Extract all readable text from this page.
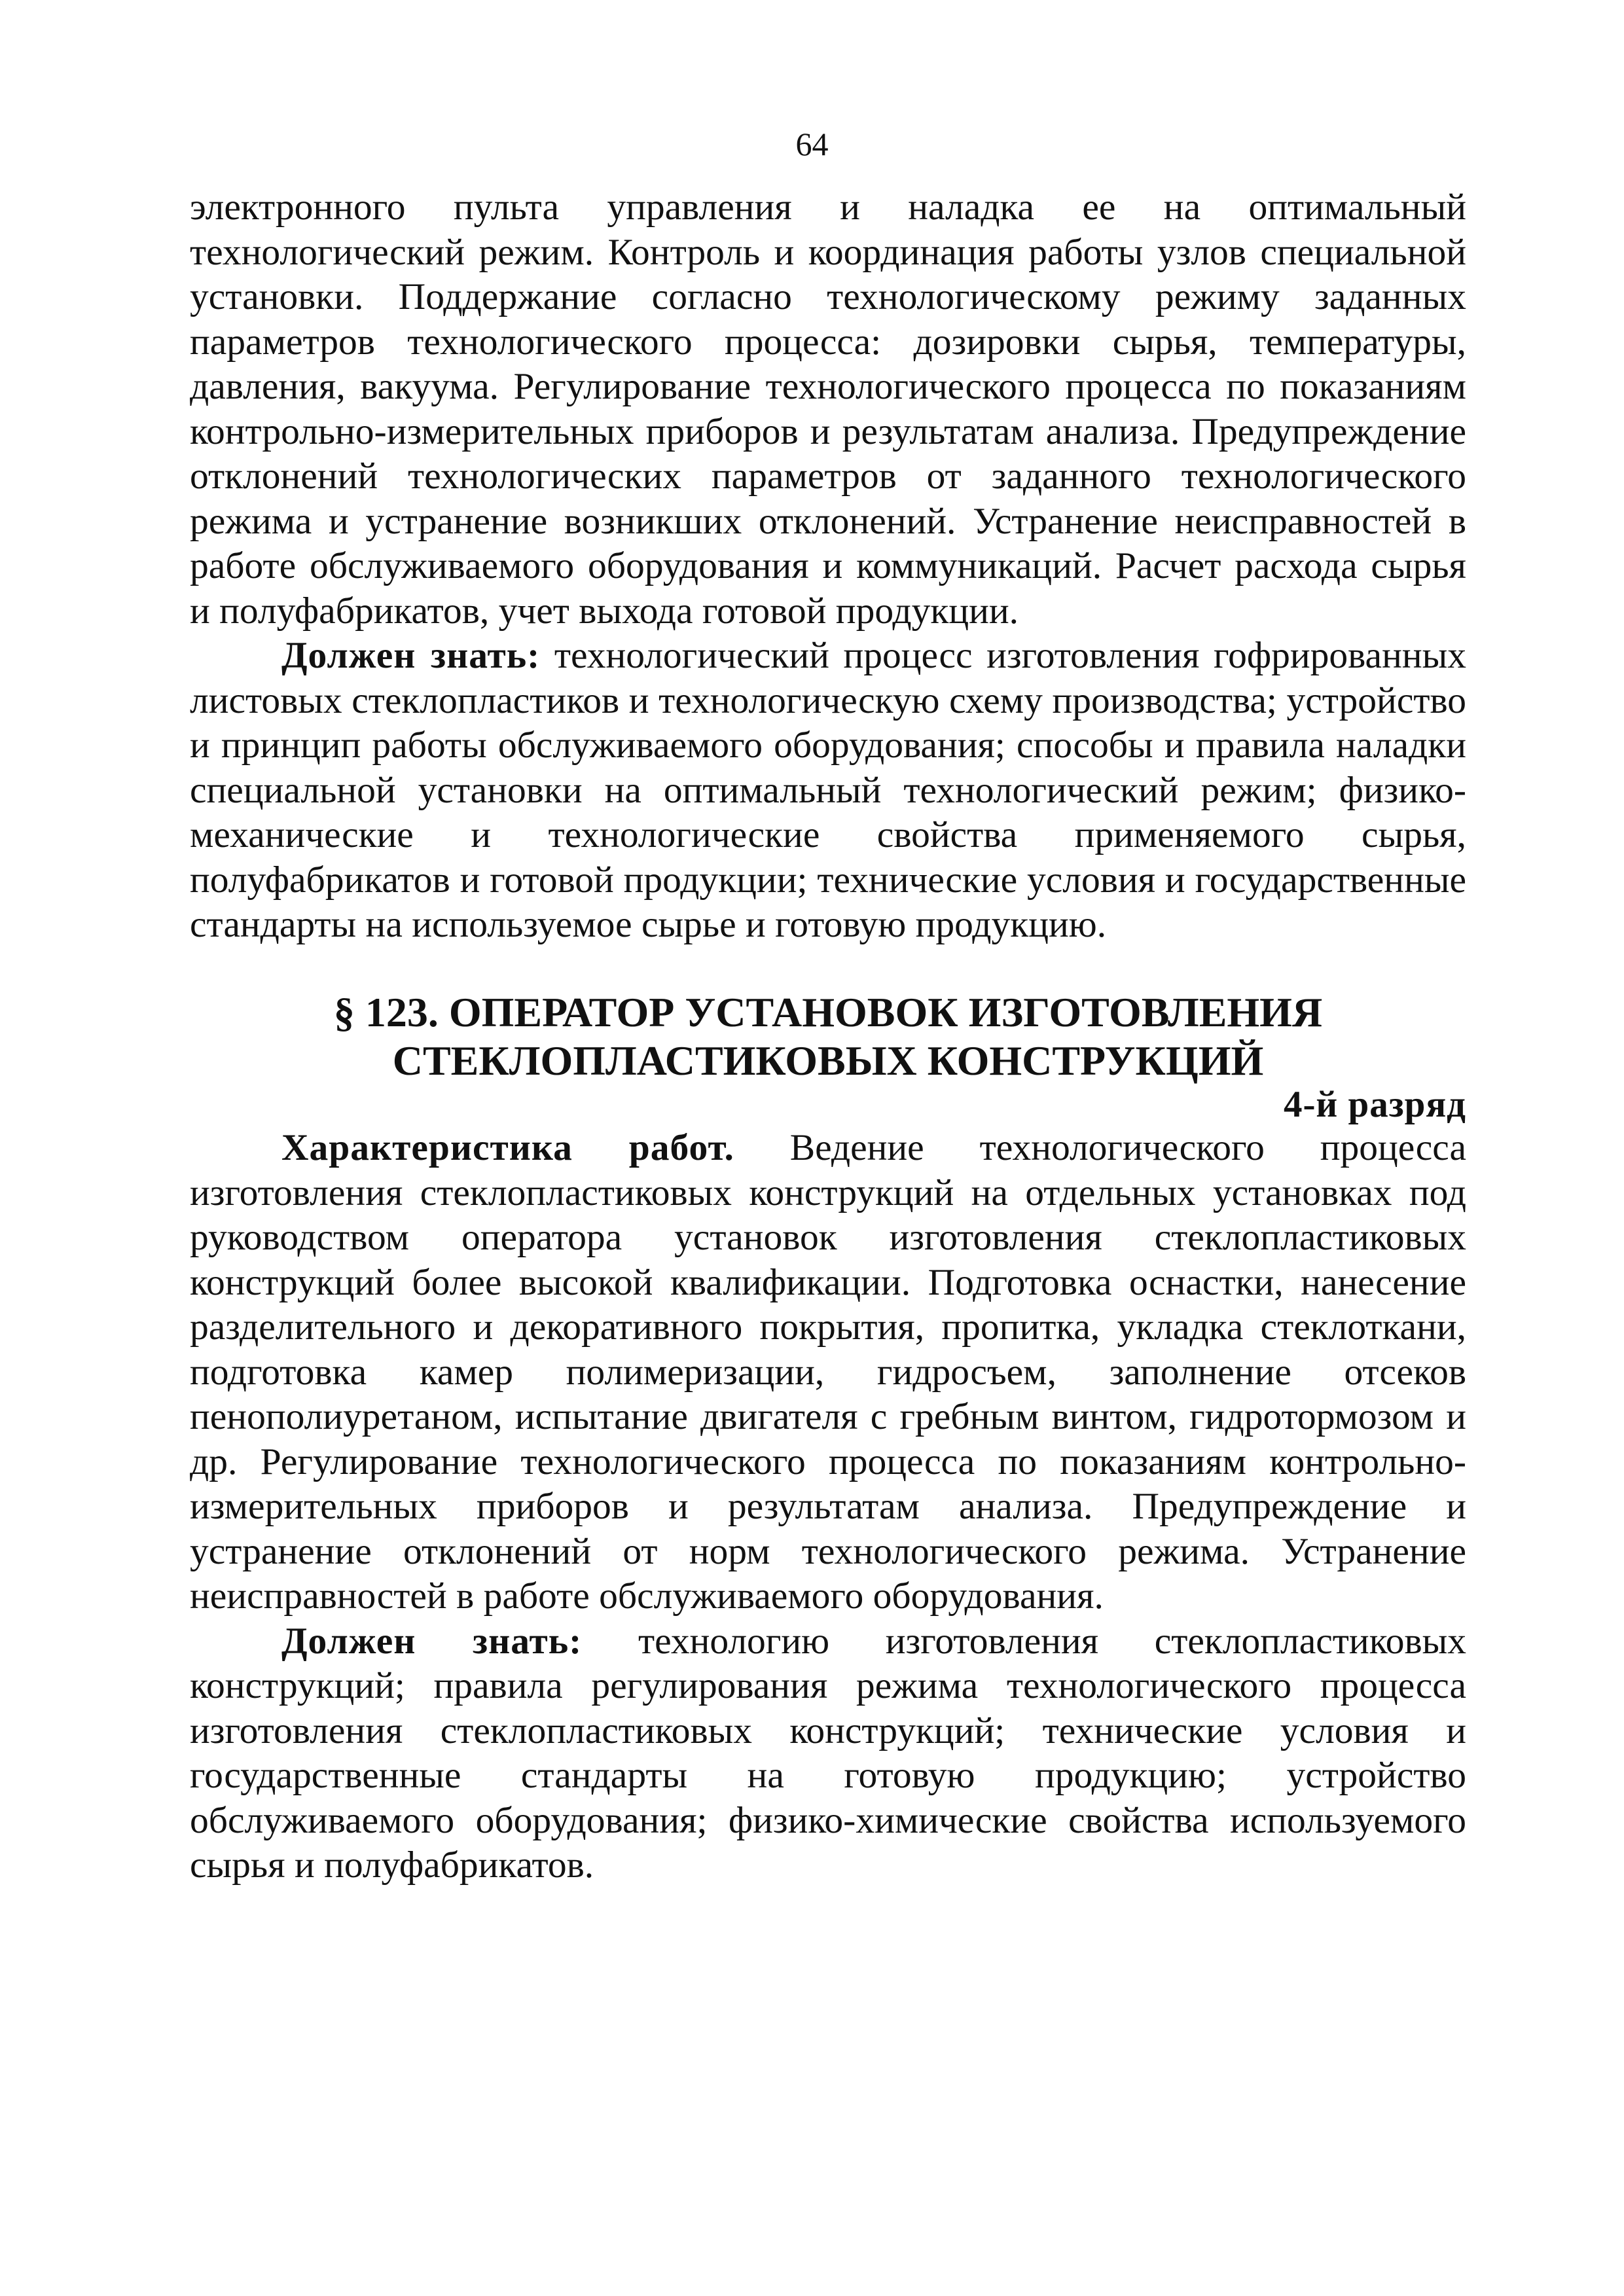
64

электронного пульта управления и наладка ее на оптимальный технологический режим. Контроль и координация работы узлов специальной установки. Поддержание согласно технологическому режиму заданных параметров технологического процесса: дозировки сырья, температуры, давления, вакуума. Регулирование технологического процесса по показаниям контрольно-измерительных приборов и результатам анализа. Предупреждение отклонений технологических параметров от заданного технологического режима и устранение возникших отклонений. Устранение неисправностей в работе обслуживаемого оборудования и коммуникаций. Расчет расхода сырья и полуфабрикатов, учет выхода готовой продукции.

Должен знать: технологический процесс изготовления гофрированных листовых стеклопластиков и технологическую схему производства; устройство и принцип работы обслуживаемого оборудования; способы и правила наладки специальной установки на оптимальный технологический режим; физико-механические и технологические свойства применяемого сырья, полуфабрикатов и готовой продукции; технические условия и государственные стандарты на используемое сырье и готовую продукцию.

§ 123. ОПЕРАТОР УСТАНОВОК ИЗГОТОВЛЕНИЯ
СТЕКЛОПЛАСТИКОВЫХ КОНСТРУКЦИЙ
4-й разряд

Характеристика работ. Ведение технологического процесса изготовления стеклопластиковых конструкций на отдельных установках под руководством оператора установок изготовления стеклопластиковых конструкций более высокой квалификации. Подготовка оснастки, нанесение разделительного и декоративного покрытия, пропитка, укладка стеклоткани, подготовка камер полимеризации, гидросъем, заполнение отсеков пенополиуретаном, испытание двигателя с гребным винтом, гидротормозом и др. Регулирование технологического процесса по показаниям контрольно-измерительных приборов и результатам анализа. Предупреждение и устранение отклонений от норм технологического режима. Устранение неисправностей в работе обслуживаемого оборудования.

Должен знать: технологию изготовления стеклопластиковых конструкций; правила регулирования режима технологического процесса изготовления стеклопластиковых конструкций; технические условия и государственные стандарты на готовую продукцию; устройство обслуживаемого оборудования; физико-химические свойства используемого сырья и полуфабрикатов.
